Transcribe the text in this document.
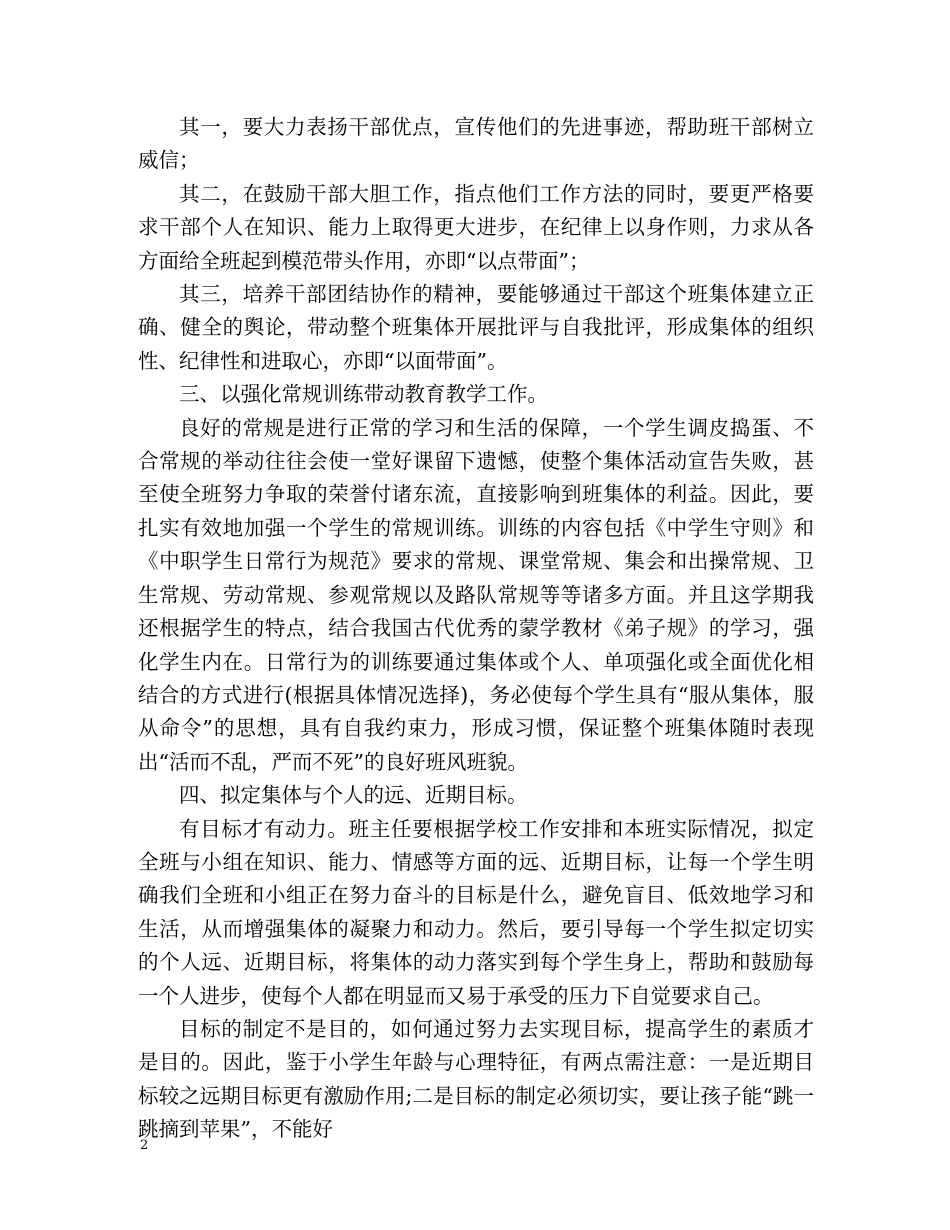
其一，要大力表扬干部优点，宣传他们的先进事迹，帮助班干部树立威信；

其二，在鼓励干部大胆工作，指点他们工作方法的同时，要更严格要求干部个人在知识、能力上取得更大进步，在纪律上以身作则，力求从各方面给全班起到模范带头作用，亦即“以点带面”；

其三，培养干部团结协作的精神，要能够通过干部这个班集体建立正确、健全的舆论，带动整个班集体开展批评与自我批评，形成集体的组织性、纪律性和进取心，亦即“以面带面”。

三、以强化常规训练带动教育教学工作。

良好的常规是进行正常的学习和生活的保障，一个学生调皮捣蛋、不合常规的举动往往会使一堂好课留下遗憾，使整个集体活动宣告失败，甚至使全班努力争取的荣誉付诸东流，直接影响到班集体的利益。因此，要扎实有效地加强一个学生的常规训练。训练的内容包括《中学生守则》和《中职学生日常行为规范》要求的常规、课堂常规、集会和出操常规、卫生常规、劳动常规、参观常规以及路队常规等等诸多方面。并且这学期我还根据学生的特点，结合我国古代优秀的蒙学教材《弟子规》的学习，强化学生内在。日常行为的训练要通过集体或个人、单项强化或全面优化相结合的方式进行(根据具体情况选择)，务必使每个学生具有“服从集体，服从命令”的思想，具有自我约束力，形成习惯，保证整个班集体随时表现出“活而不乱，严而不死”的良好班风班貌。

四、拟定集体与个人的远、近期目标。

有目标才有动力。班主任要根据学校工作安排和本班实际情况，拟定全班与小组在知识、能力、情感等方面的远、近期目标，让每一个学生明确我们全班和小组正在努力奋斗的目标是什么，避免盲目、低效地学习和生活，从而增强集体的凝聚力和动力。然后，要引导每一个学生拟定切实的个人远、近期目标，将集体的动力落实到每个学生身上，帮助和鼓励每一个人进步，使每个人都在明显而又易于承受的压力下自觉要求自己。

目标的制定不是目的，如何通过努力去实现目标，提高学生的素质才是目的。因此，鉴于小学生年龄与心理特征，有两点需注意：一是近期目标较之远期目标更有激励作用;二是目标的制定必须切实，要让孩子能“跳一跳摘到苹果”，不能好

2
